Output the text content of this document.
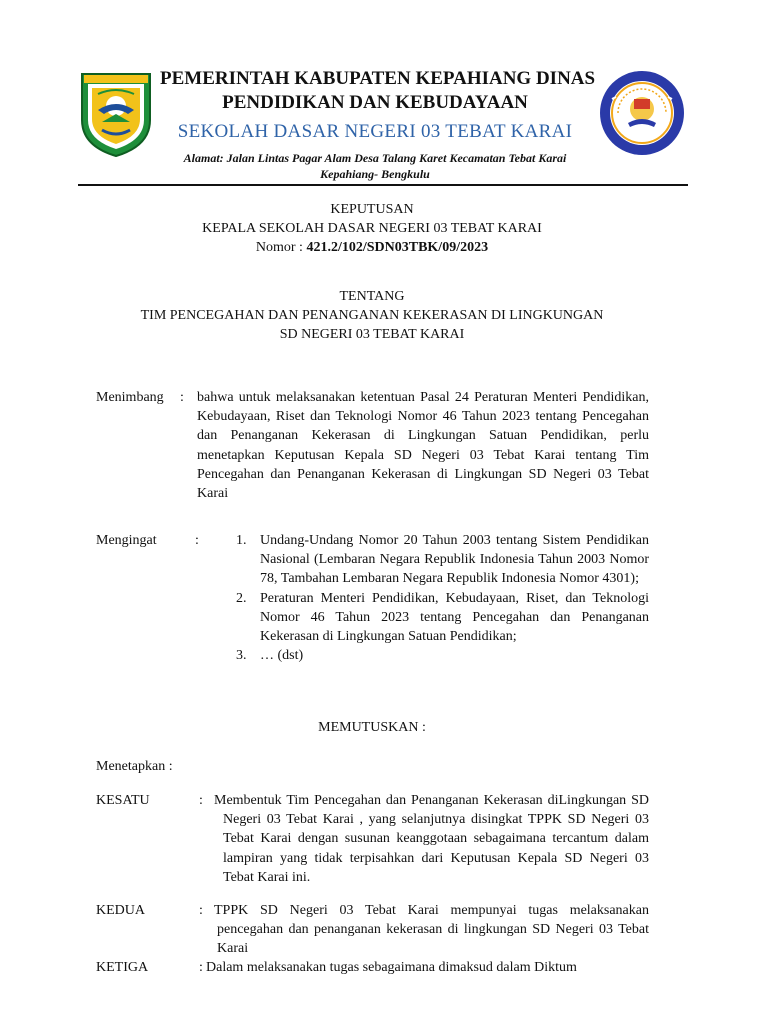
PEMERINTAH KABUPATEN KEPAHIANG DINAS
PENDIDIKAN DAN KEBUDAYAAN
SEKOLAH DASAR NEGERI 03 TEBAT KARAI
Alamat: Jalan Lintas Pagar Alam Desa Talang Karet Kecamatan Tebat Karai Kepahiang- Bengkulu
KEPUTUSAN
KEPALA SEKOLAH DASAR NEGERI 03 TEBAT KARAI
Nomor : 421.2/102/SDN03TBK/09/2023
TENTANG
TIM PENCEGAHAN DAN PENANGANAN KEKERASAN DI LINGKUNGAN
SD NEGERI 03 TEBAT KARAI
Menimbang : bahwa untuk melaksanakan ketentuan Pasal 24 Peraturan Menteri Pendidikan, Kebudayaan, Riset dan Teknologi Nomor 46 Tahun 2023 tentang Pencegahan dan Penanganan Kekerasan di Lingkungan Satuan Pendidikan, perlu menetapkan Keputusan Kepala SD Negeri 03 Tebat Karai tentang Tim Pencegahan dan Penanganan Kekerasan di Lingkungan SD Negeri 03 Tebat Karai
Mengingat	:	1. Undang-Undang Nomor 20 Tahun 2003 tentang Sistem Pendidikan Nasional (Lembaran Negara Republik Indonesia Tahun 2003 Nomor 78, Tambahan Lembaran Negara Republik Indonesia Nomor 4301);
2. Peraturan Menteri Pendidikan, Kebudayaan, Riset, dan Teknologi Nomor 46 Tahun 2023 tentang Pencegahan dan Penanganan Kekerasan di Lingkungan Satuan Pendidikan;
3. … (dst)
MEMUTUSKAN :
Menetapkan :
KESATU	: Membentuk Tim Pencegahan dan Penanganan Kekerasan diLingkungan SD Negeri 03 Tebat Karai , yang selanjutnya disingkat TPPK SD Negeri 03 Tebat Karai dengan susunan keanggotaan sebagaimana tercantum dalam lampiran yang tidak terpisahkan dari Keputusan Kepala SD Negeri 03 Tebat Karai ini.
KEDUA	: TPPK SD Negeri 03 Tebat Karai mempunyai tugas melaksanakan pencegahan dan penanganan kekerasan di lingkungan SD Negeri 03 Tebat Karai
KETIGA	: Dalam melaksanakan tugas sebagaimana dimaksud dalam Diktum
